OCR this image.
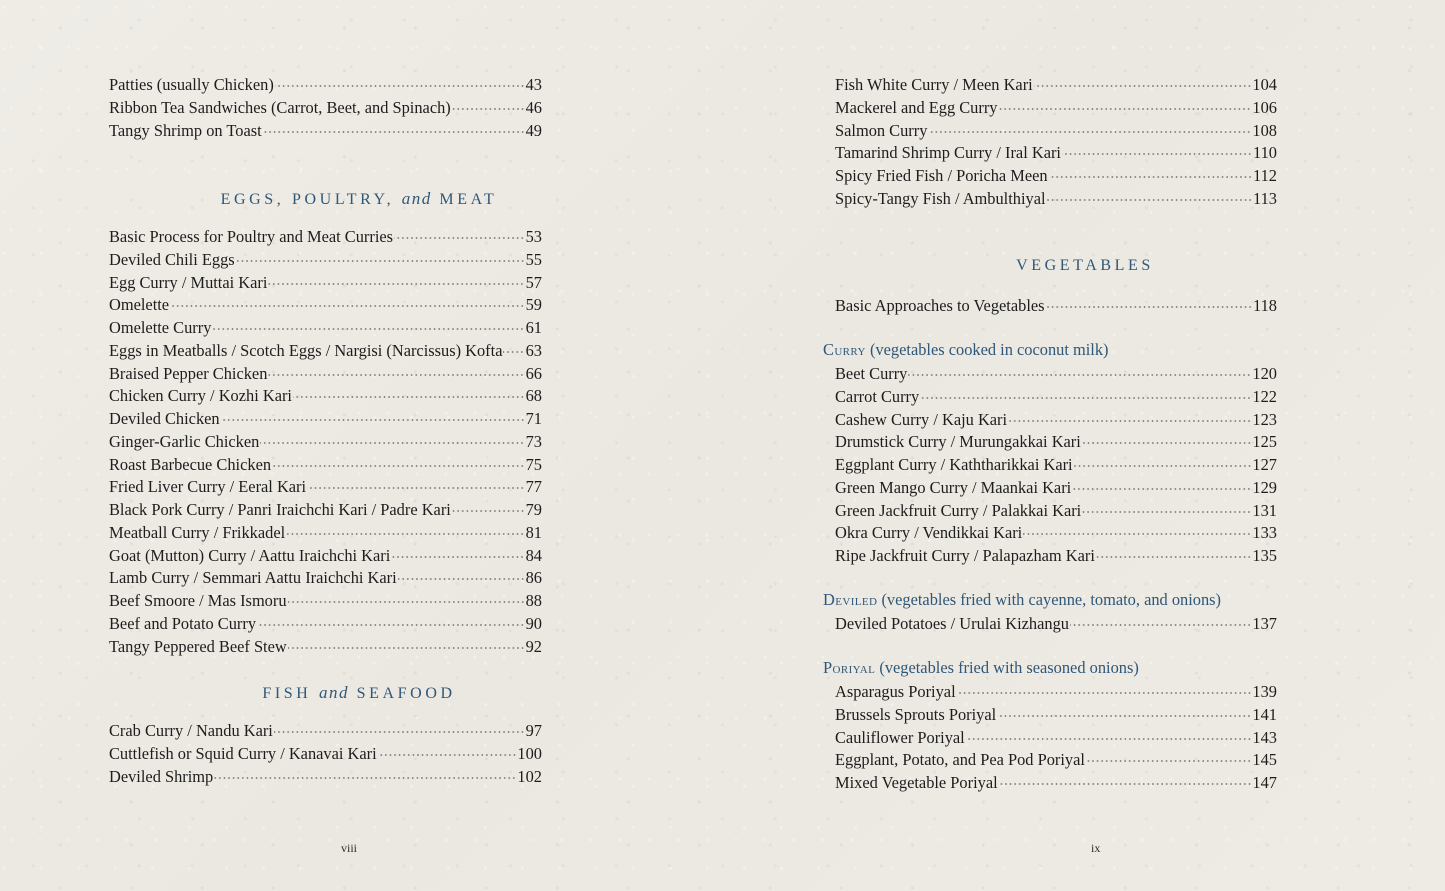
Patties (usually Chicken)	43
Ribbon Tea Sandwiches (Carrot, Beet, and Spinach)	46
Tangy Shrimp on Toast	49
EGGS, POULTRY, and MEAT
Basic Process for Poultry and Meat Curries	53
Deviled Chili Eggs	55
Egg Curry / Muttai Kari	57
Omelette	59
Omelette Curry	61
Eggs in Meatballs / Scotch Eggs / Nargisi (Narcissus) Kofta 63
Braised Pepper Chicken	66
Chicken Curry / Kozhi Kari	68
Deviled Chicken	71
Ginger-Garlic Chicken	73
Roast Barbecue Chicken	75
Fried Liver Curry / Eeral Kari	77
Black Pork Curry / Panri Iraichchi Kari / Padre Kari	79
Meatball Curry / Frikkadel	81
Goat (Mutton) Curry / Aattu Iraichchi Kari	84
Lamb Curry / Semmari Aattu Iraichchi Kari	86
Beef Smoore / Mas Ismoru	88
Beef and Potato Curry	90
Tangy Peppered Beef Stew	92
FISH and SEAFOOD
Crab Curry / Nandu Kari	97
Cuttlefish or Squid Curry / Kanavai Kari	100
Deviled Shrimp	102
viii
Fish White Curry / Meen Kari	104
Mackerel and Egg Curry	106
Salmon Curry	108
Tamarind Shrimp Curry / Iral Kari	110
Spicy Fried Fish / Poricha Meen	112
Spicy-Tangy Fish / Ambulthiyal	113
VEGETABLES
Basic Approaches to Vegetables	118
Curry (vegetables cooked in coconut milk)
Beet Curry	120
Carrot Curry	122
Cashew Curry / Kaju Kari	123
Drumstick Curry / Murungakkai Kari	125
Eggplant Curry / Kaththarikkai Kari	127
Green Mango Curry / Maankai Kari	129
Green Jackfruit Curry / Palakkai Kari	131
Okra Curry / Vendikkai Kari	133
Ripe Jackfruit Curry / Palapazham Kari	135
Deviled (vegetables fried with cayenne, tomato, and onions)
Deviled Potatoes / Urulai Kizhangu	137
Poriyal (vegetables fried with seasoned onions)
Asparagus Poriyal	139
Brussels Sprouts Poriyal	141
Cauliflower Poriyal	143
Eggplant, Potato, and Pea Pod Poriyal	145
Mixed Vegetable Poriyal	147
ix
